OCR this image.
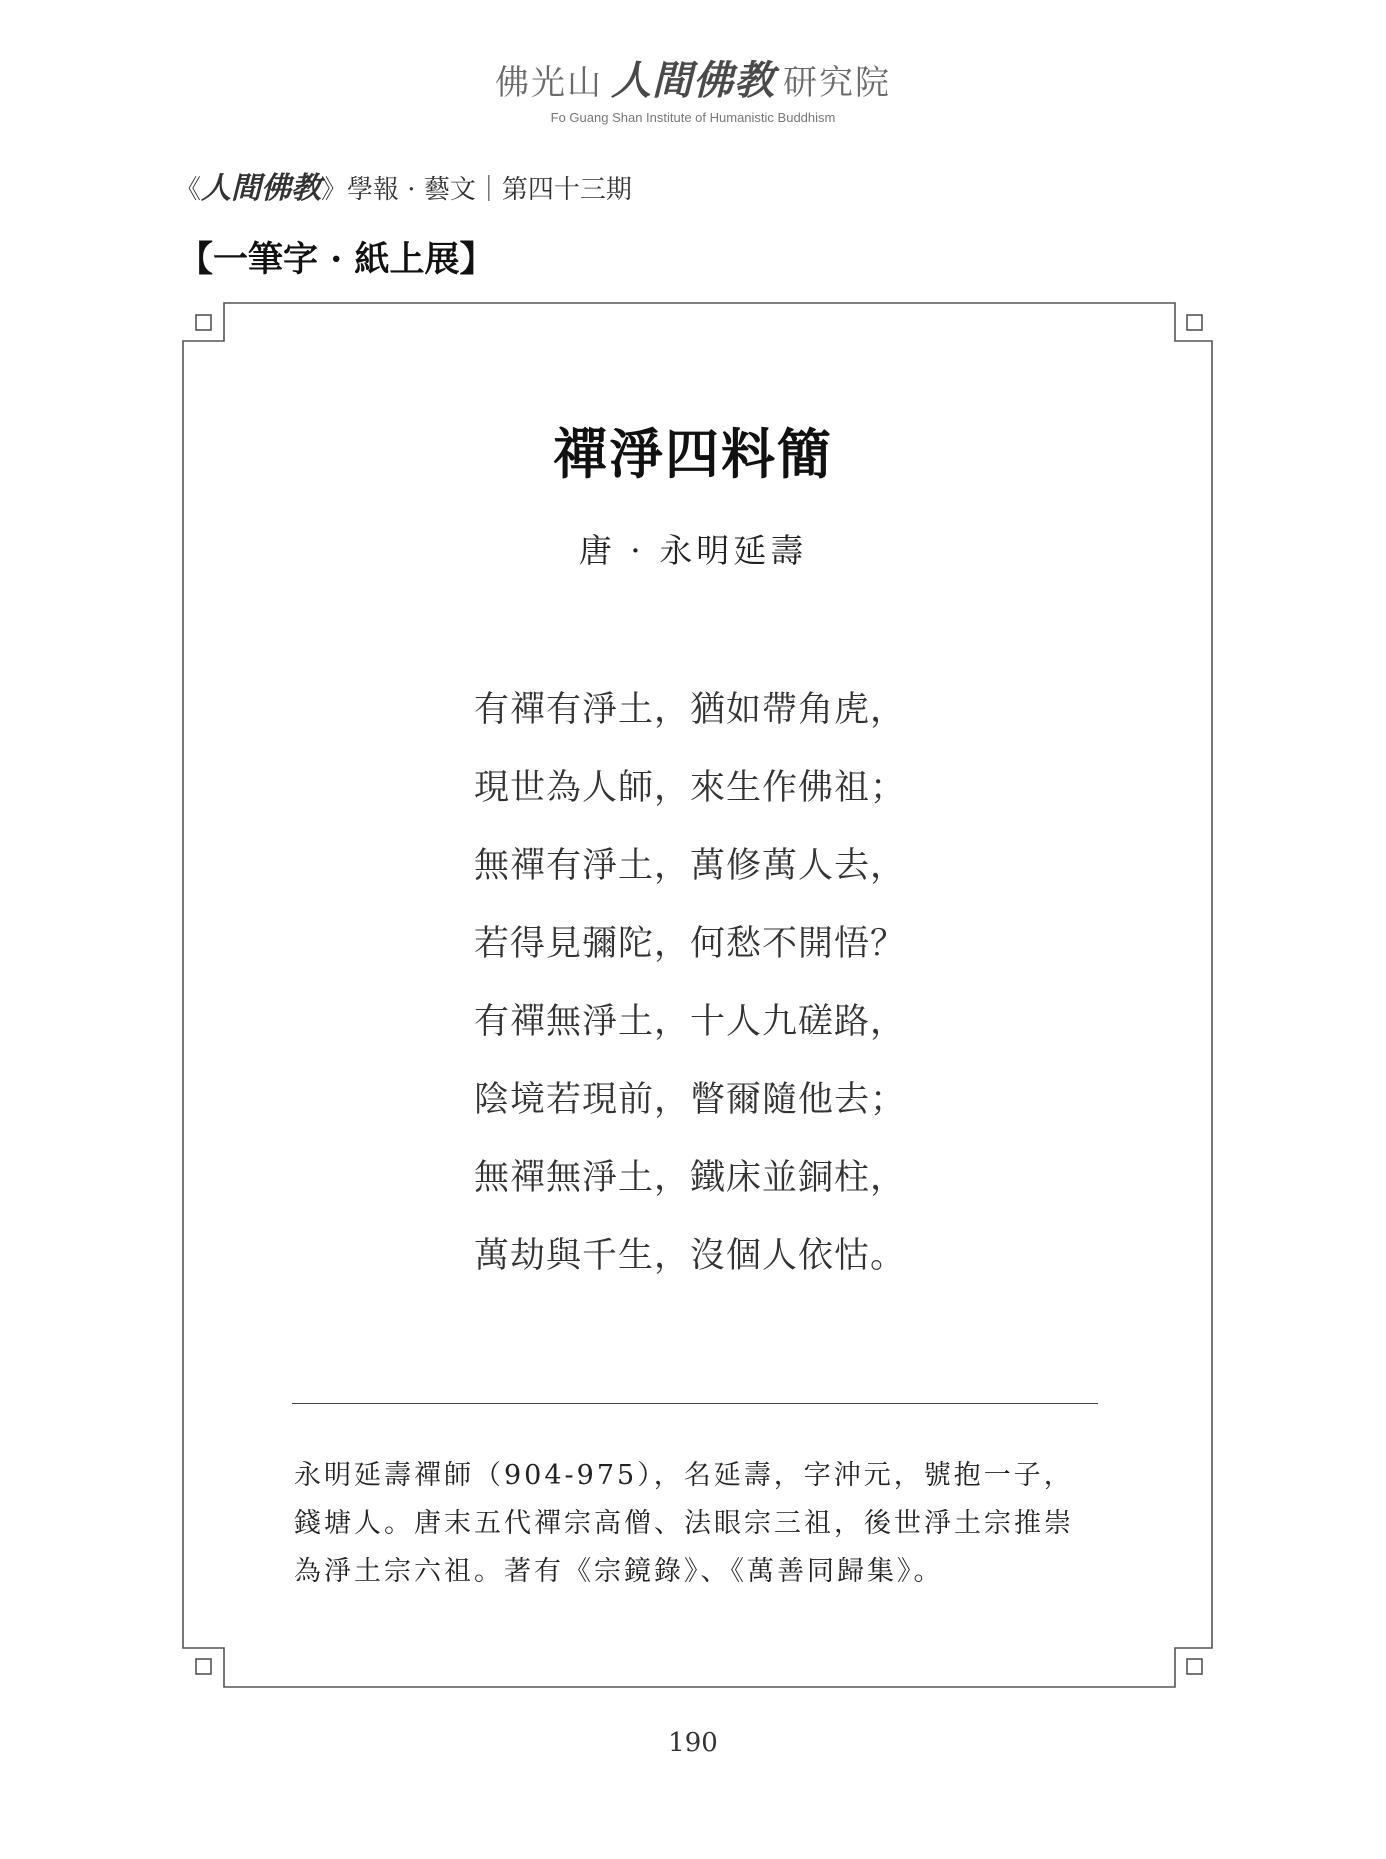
佛光山 人間佛教 研究院
Fo Guang Shan Institute of Humanistic Buddhism
《人間佛教》學報 · 藝文｜第四十三期
【一筆字 · 紙上展】
禪淨四料簡
唐 · 永明延壽
有禪有淨土，猶如帶角虎，
現世為人師，來生作佛祖；
無禪有淨土，萬修萬人去，
若得見彌陀，何愁不開悟？
有禪無淨土，十人九磋路，
陰境若現前，瞥爾隨他去；
無禪無淨土，鐵床並銅柱，
萬劫與千生，沒個人依怙。

永明延壽禪師（904-975），名延壽，字沖元，號抱一子，

錢塘人。唐末五代禪宗高僧、法眼宗三祖，後世淨土宗推崇

為淨土宗六祖。著有《宗鏡錄》、《萬善同歸集》。

190
